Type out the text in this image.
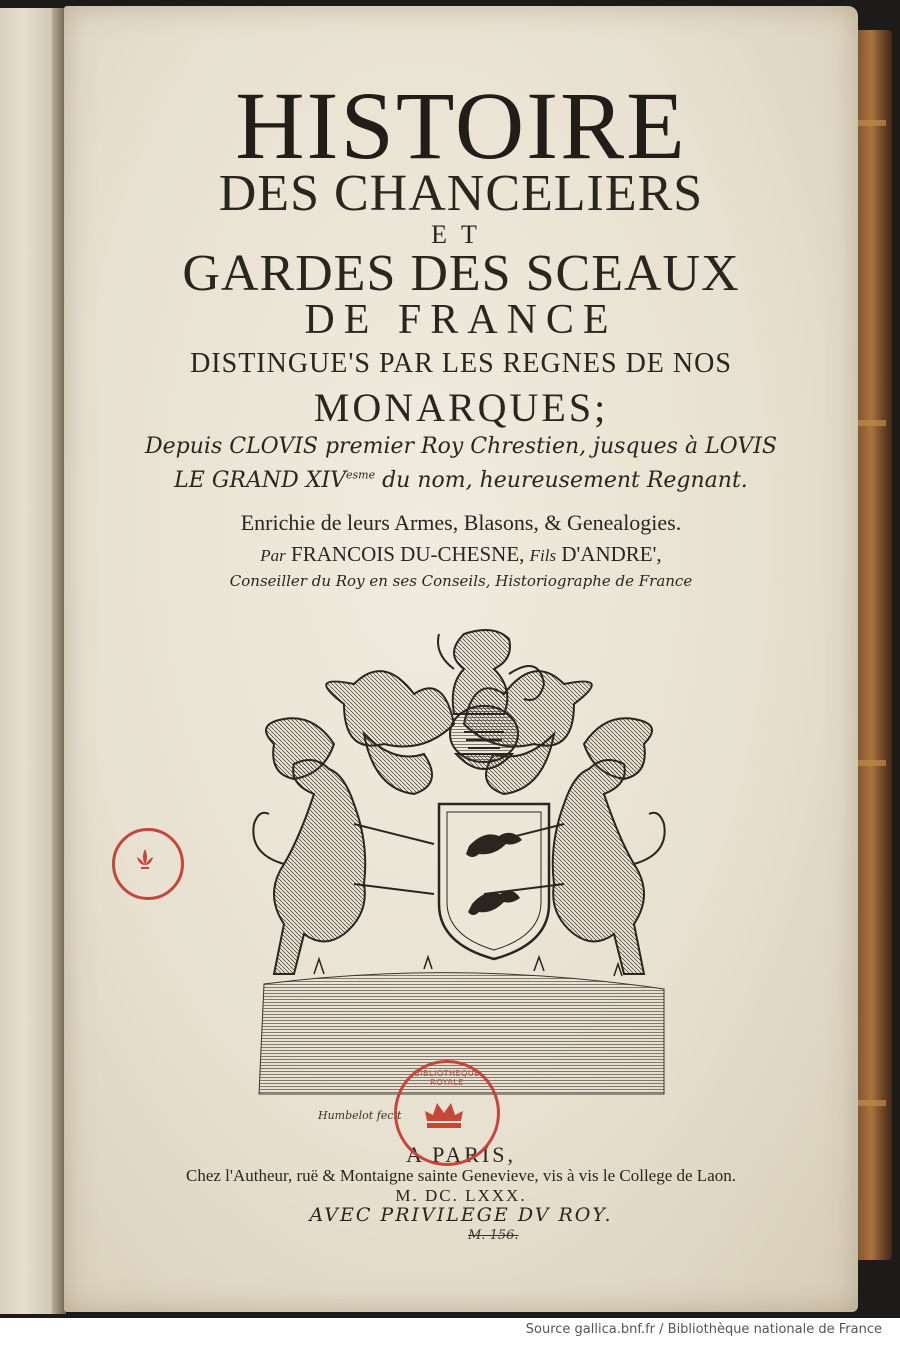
HISTOIRE

DES CHANCELIERS

ET

GARDES DES SCEAUX

DE FRANCE

DISTINGUE'S PAR LES REGNES DE NOS

MONARQUES;

Depuis CLOVIS premier Roy Chrestien, jusques à LOVIS

LE GRAND $XIV^{esme}$ du nom, heureusement Regnant.

Enrichie de leurs Armes, Blasons, & Genealogies.

Par FRANCOIS DU-CHESNE, Fils D'ANDRE',

Conseiller du Roy en ses Conseils, Historiographe de France

Humbelot fecit

A PARIS,

Chez l'Autheur, ruë & Montaigne sainte Genevieve, vis à vis le College de Laon.

M. DC. LXXX.

AVEC PRIVILEGE DV ROY.

M. 156.
BIBLIOTHEQUE ROYALE
Source gallica.bnf.fr / Bibliothèque nationale de France
